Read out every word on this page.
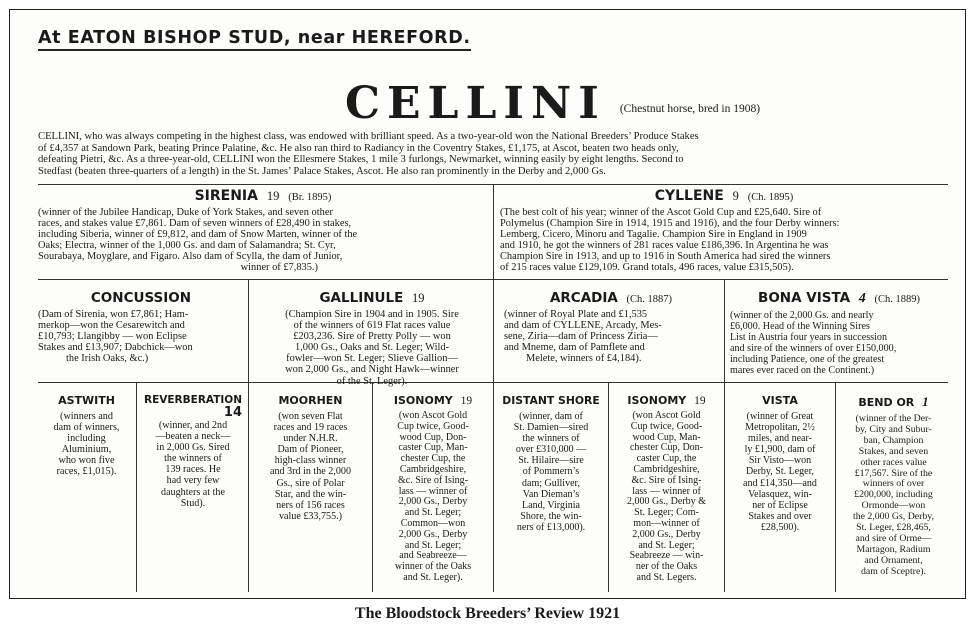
At EATON BISHOP STUD, near HEREFORD.
CELLINI $^{(Chestnut horse, bred in 1908)}$
CELLINI, who was always competing in the highest class, was endowed with brilliant speed. As a two-year-old won the National Breeders’ Produce Stakes
of £4,357 at Sandown Park, beating Prince Palatine, &c. He also ran third to Radiancy in the Coventry Stakes, £1,175, at Ascot, beaten two heads only,
defeating Pietri, &c. As a three-year-old, CELLINI won the Ellesmere Stakes, 1 mile 3 furlongs, Newmarket, winning easily by eight lengths. Second to
Stedfast (beaten three-quarters of a length) in the St. James’ Palace Stakes, Ascot. He also ran prominently in the Derby and 2,000 Gs.
SIRENIA 19 (Br. 1895)
(winner of the Jubilee Handicap, Duke of York Stakes, and seven other
races, and stakes value £7,861. Dam of seven winners of £28,490 in stakes,
including Siberia, winner of £9,812, and dam of Snow Marten, winner of the
Oaks; Electra, winner of the 1,000 Gs. and dam of Salamandra; St. Cyr,
Sourabaya, Moyglare, and Figaro. Also dam of Scylla, the dam of Junior,
winner of £7,835.)
CYLLENE 9 (Ch. 1895)
(The best colt of his year; winner of the Ascot Gold Cup and £25,640. Sire of
Polymelus (Champion Sire in 1914, 1915 and 1916), and the four Derby winners:
Lemberg, Cicero, Minoru and Tagalie. Champion Sire in England in 1909
and 1910, he got the winners of 281 races value £186,396. In Argentina he was
Champion Sire in 1913, and up to 1916 in South America had sired the winners
of 215 races value £129,109. Grand totals, 496 races, value £315,505).
CONCUSSION
(Dam of Sirenia, won £7,861; Ham-
merkop—won the Cesarewitch and
£10,793; Llangibby — won Eclipse
Stakes and £13,907; Dabchick—won
the Irish Oaks, &c.)
GALLINULE 19
(Champion Sire in 1904 and in 1905. Sire
of the winners of 619 Flat races value
£203,236. Sire of Pretty Polly — won
1,000 Gs., Oaks and St. Leger; Wild-
fowler—won St. Leger; Slieve Gallion—
won 2,000 Gs., and Night Hawk—winner
of the St. Leger).
ARCADIA (Ch. 1887)
(winner of Royal Plate and £1,535
and dam of CYLLENE, Arcady, Mes-
sene, Ziria—dam of Princess Ziria—
and Mneme, dam of Pamflete and
Melete, winners of £4,184).
BONA VISTA 4 (Ch. 1889)
(winner of the 2,000 Gs. and nearly
£6,000. Head of the Winning Sires
List in Austria four years in succession
and sire of the winners of over £150,000,
including Patience, one of the greatest
mares ever raced on the Continent.)
ASTWITH
(winners and
dam of winners,
including
Aluminium,
who won five
races, £1,015).
REVERBERATION
14
(winner, and 2nd
—beaten a neck—
in 2,000 Gs. Sired
the winners of
139 races. He
had very few
daughters at the
Stud).
MOORHEN
(won seven Flat
races and 19 races
under N.H.R.
Dam of Pioneer,
high-class winner
and 3rd in the 2,000
Gs., sire of Polar
Star, and the win-
ners of 156 races
value £33,755.)
ISONOMY 19
(won Ascot Gold
Cup twice, Good-
wood Cup, Don-
caster Cup, Man-
chester Cup, the
Cambridgeshire,
&c. Sire of Ising-
lass — winner of
2,000 Gs., Derby
and St. Leger;
Common—won
2,000 Gs., Derby
and St. Leger;
and Seabreeze—
winner of the Oaks
and St. Leger).
DISTANT SHORE
(winner, dam of
St. Damien—sired
the winners of
over £310,000 —
St. Hilaire—sire
of Pommern’s
dam; Gulliver,
Van Dieman’s
Land, Virginia
Shore, the win-
ners of £13,000).
ISONOMY 19
(won Ascot Gold
Cup twice, Good-
wood Cup, Man-
chester Cup, Don-
caster Cup, the
Cambridgeshire,
&c. Sire of Ising-
lass — winner of
2,000 Gs., Derby &
St. Leger; Com-
mon—winner of
2,000 Gs., Derby
and St. Leger;
Seabreeze — win-
ner of the Oaks
and St. Legers.
VISTA
(winner of Great
Metropolitan, 2½
miles, and near-
ly £1,900, dam of
Sir Visto—won
Derby, St. Leger,
and £14,350—and
Velasquez, win-
ner of Eclipse
Stakes and over
£28,500).
BEND OR 1
(winner of the Der-
by, City and Subur-
ban, Champion
Stakes, and seven
other races value
£17,567. Sire of the
winners of over
£200,000, including
Ormonde—won
the 2,000 Gs, Derby,
St. Leger, £28,465,
and sire of Orme—
Martagon, Radium
and Ornament,
dam of Sceptre).
The Bloodstock Breeders’ Review 1921
